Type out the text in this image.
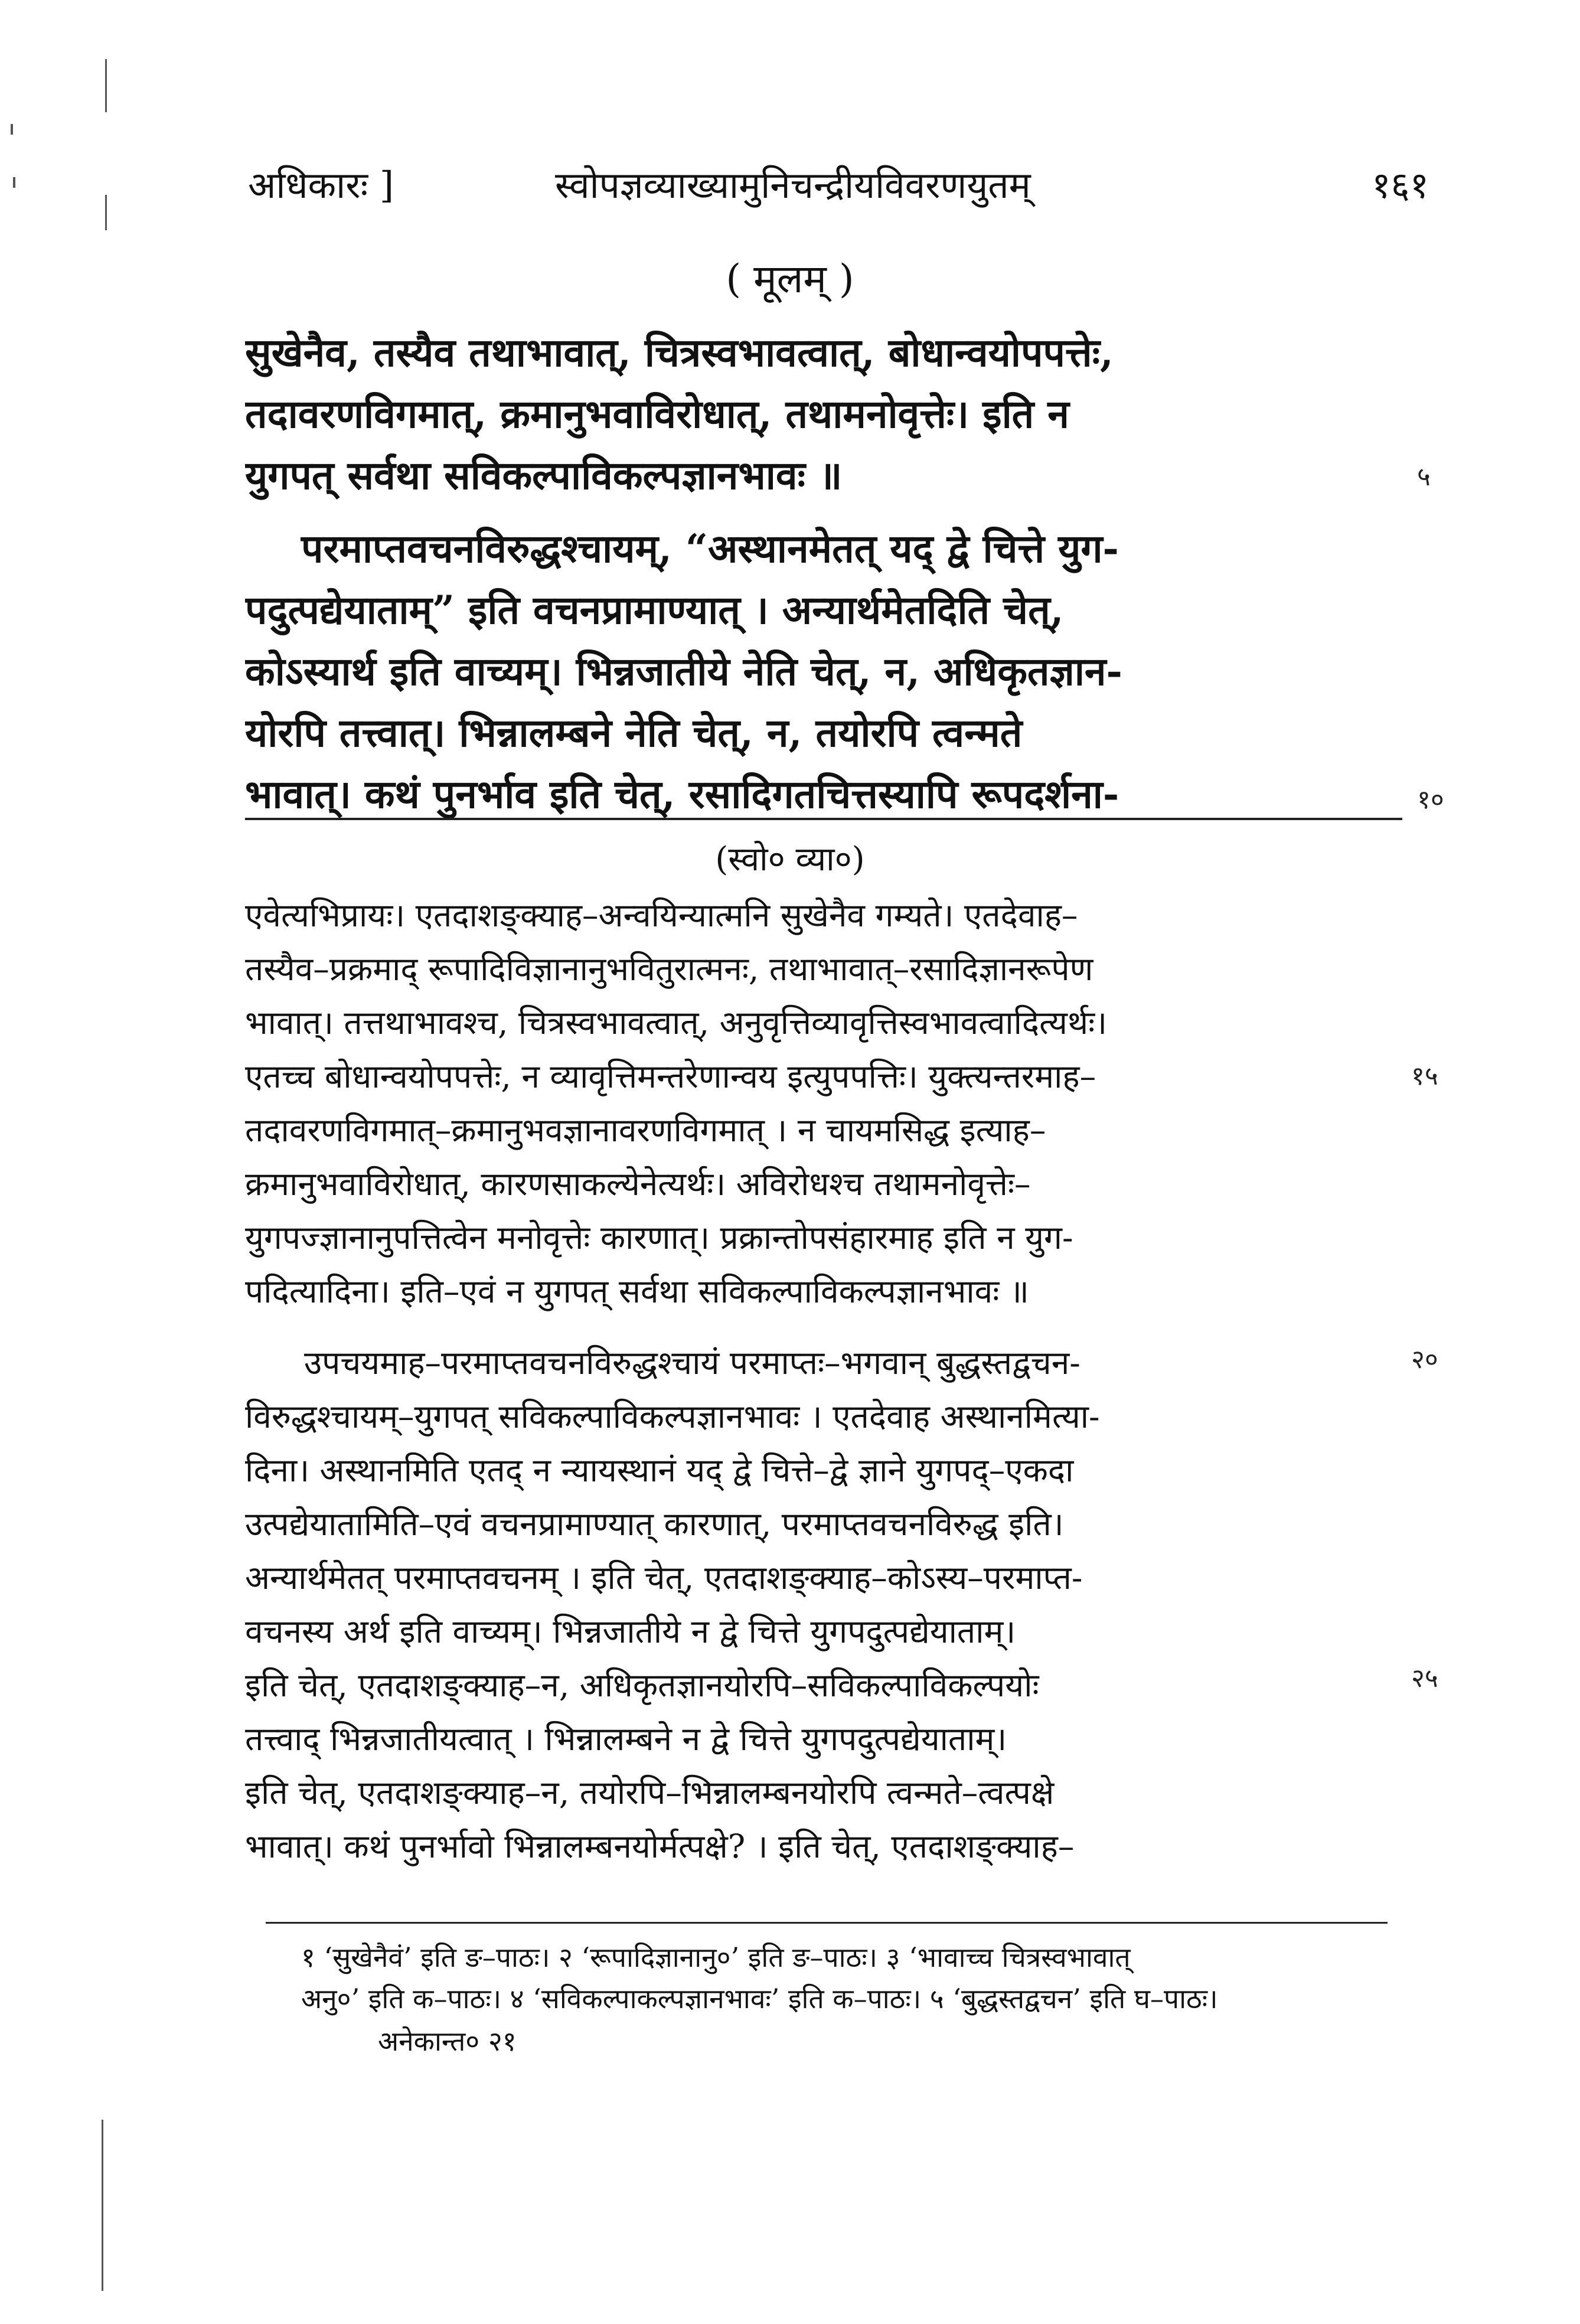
अधिकारः ]	स्वोपज्ञव्याख्यामुनिचन्द्रीयविवरणयुतम्	१६१
( मूलम् )
सुखेनैव, तस्यैव तथाभावात्, चित्रस्वभावत्वात्, बोधान्वयोपपत्तेः,
तदावरणविगमात्, क्रमानुभवाविरोधात्, तथामनोवृत्तेः। इति न
युगपत् सर्वथा सविकल्पाविकल्पज्ञानभावः ॥
परमाप्तवचनविरुद्धश्चायम्, “अस्थानमेतत् यद् द्वे चित्ते युग-
पदुत्पद्येयाताम्” इति वचनप्रामाण्यात् । अन्यार्थमेतदिति चेत्,
कोऽस्यार्थ इति वाच्यम्। भिन्नजातीये नेति चेत्, न, अधिकृतज्ञान-
योरपि तत्त्वात्। भिन्नालम्बने नेति चेत्, न, तयोरपि त्वन्मते
भावात्। कथं पुनर्भाव इति चेत्, रसादिगतचित्तस्यापि रूपदर्शना-
५
१०
(स्वो० व्या०)
एवेत्यभिप्रायः। एतदाशङ्क्याह–अन्वयिन्यात्मनि सुखेनैव गम्यते। एतदेवाह–
तस्यैव–प्रक्रमाद् रूपादिविज्ञानानुभवितुरात्मनः, तथाभावात्–रसादिज्ञानरूपेण
भावात्। तत्तथाभावश्च, चित्रस्वभावत्वात्, अनुवृत्तिव्यावृत्तिस्वभावत्वादित्यर्थः।
एतच्च बोधान्वयोपपत्तेः, न व्यावृत्तिमन्तरेणान्वय इत्युपपत्तिः। युक्त्यन्तरमाह–
तदावरणविगमात्–क्रमानुभवज्ञानावरणविगमात् । न चायमसिद्ध इत्याह–
क्रमानुभवाविरोधात्, कारणसाकल्येनेत्यर्थः। अविरोधश्च तथामनोवृत्तेः–
युगपज्ज्ञानानुपत्तित्वेन मनोवृत्तेः कारणात्। प्रक्रान्तोपसंहारमाह इति न युग-
पदित्यादिना। इति–एवं न युगपत् सर्वथा सविकल्पाविकल्पज्ञानभावः ॥
उपचयमाह–परमाप्तवचनविरुद्धश्चायं परमाप्तः–भगवान् बुद्धस्तद्वचन-
विरुद्धश्चायम्–युगपत् सविकल्पाविकल्पज्ञानभावः । एतदेवाह अस्थानमित्या-
दिना। अस्थानमिति एतद् न न्यायस्थानं यद् द्वे चित्ते–द्वे ज्ञाने युगपद्–एकदा
उत्पद्येयातामिति–एवं वचनप्रामाण्यात् कारणात्, परमाप्तवचनविरुद्ध इति।
अन्यार्थमेतत् परमाप्तवचनम् । इति चेत्, एतदाशङ्क्याह–कोऽस्य–परमाप्त-
वचनस्य अर्थ इति वाच्यम्। भिन्नजातीये न द्वे चित्ते युगपदुत्पद्येयाताम्।
इति चेत्, एतदाशङ्क्याह–न, अधिकृतज्ञानयोरपि–सविकल्पाविकल्पयोः
तत्त्वाद् भिन्नजातीयत्वात् । भिन्नालम्बने न द्वे चित्ते युगपदुत्पद्येयाताम्।
इति चेत्, एतदाशङ्क्याह–न, तयोरपि–भिन्नालम्बनयोरपि त्वन्मते–त्वत्पक्षे
भावात्। कथं पुनर्भावो भिन्नालम्बनयोर्मत्पक्षे? । इति चेत्, एतदाशङ्क्याह–
१५
२०
२५
१ ‘सुखेनैवं’ इति ङ–पाठः। २ ‘रूपादिज्ञानानु०’ इति ङ–पाठः। ३ ‘भावाच्च चित्रस्वभावात्
अनु०’ इति क–पाठः। ४ ‘सविकल्पाकल्पज्ञानभावः’ इति क–पाठः। ५ ‘बुद्धस्तद्वचन’ इति घ–पाठः।
अनेकान्त० २१
